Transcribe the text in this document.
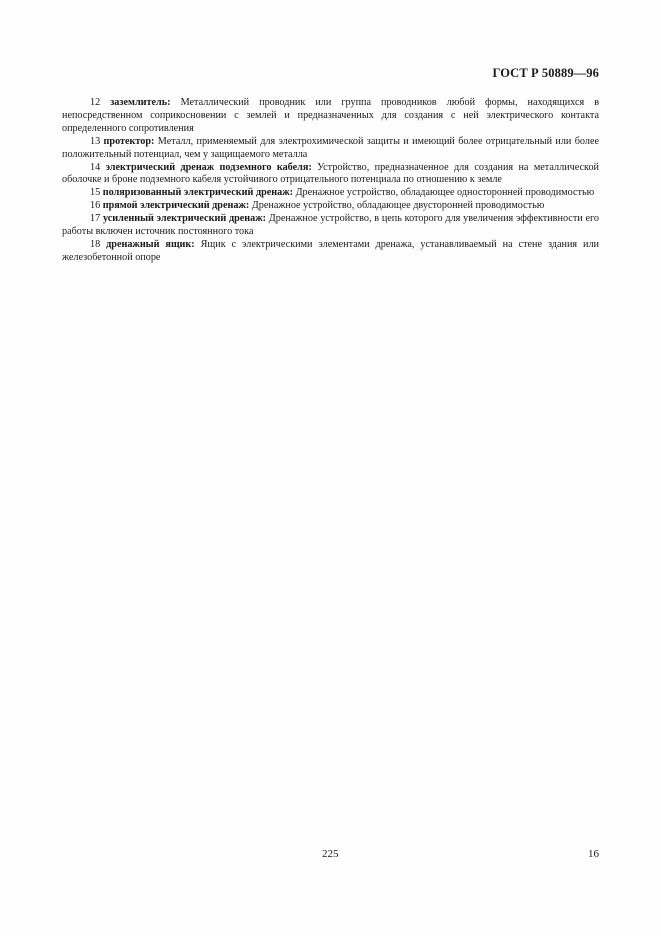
ГОСТ Р 50889—96

12 заземлитель: Металлический проводник или группа проводников любой формы, находящихся в непосредственном соприкосновении с землей и предназначенных для создания с ней электрического контакта определенного сопротивления

13 протектор: Металл, применяемый для электрохимической защиты и имеющий более отрицательный или более положительный потенциал, чем у защищаемого металла

14 электрический дренаж подземного кабеля: Устройство, предназначенное для создания на металлической оболочке и броне подземного кабеля устойчивого отрицательного потенциала по отношению к земле

15 поляризованный электрический дренаж: Дренажное устройство, обладающее односторонней проводимостью

16 прямой электрический дренаж: Дренажное устройство, обладающее двусторонней проводимостью

17 усиленный электрический дренаж: Дренажное устройство, в цепь которого для увеличения эффективности его работы включен источник постоянного тока

18 дренажный ящик: Ящик с электрическими элементами дренажа, устанавливаемый на стене здания или железобетонной опоре

225	16
